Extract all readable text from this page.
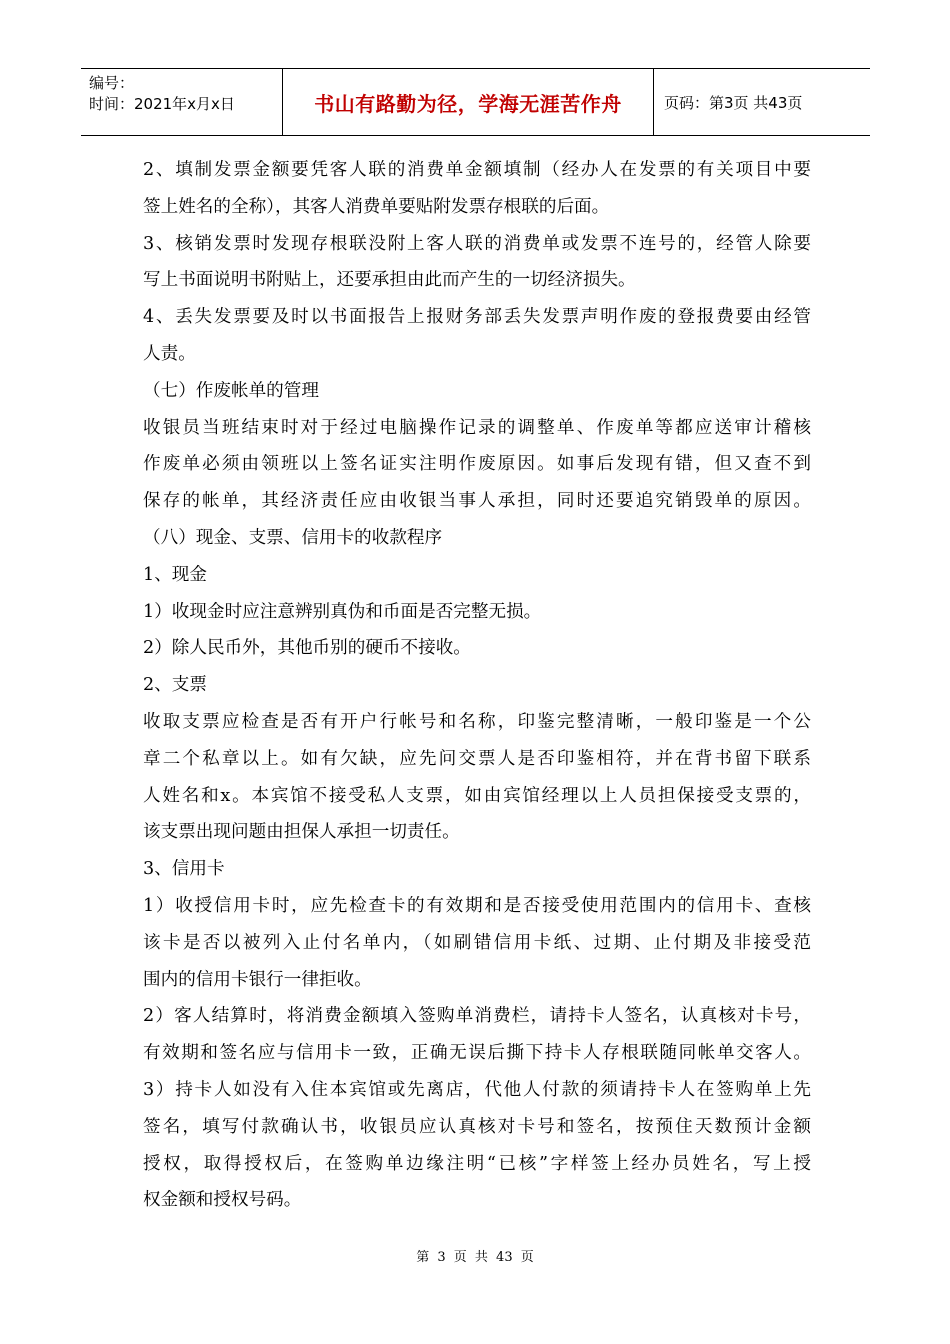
编号：
时间：2021年x月x日	书山有路勤为径，学海无涯苦作舟	页码：第3页 共43页
2、填制发票金额要凭客人联的消费单金额填制（经办人在发票的有关项目中要
签上姓名的全称），其客人消费单要贴附发票存根联的后面。
3、核销发票时发现存根联没附上客人联的消费单或发票不连号的，经管人除要
写上书面说明书附贴上，还要承担由此而产生的一切经济损失。
4、丢失发票要及时以书面报告上报财务部丢失发票声明作废的登报费要由经管
人责。
（七）作废帐单的管理
收银员当班结束时对于经过电脑操作记录的调整单、作废单等都应送审计稽核
作废单必须由领班以上签名证实注明作废原因。如事后发现有错，但又查不到
保存的帐单，其经济责任应由收银当事人承担，同时还要追究销毁单的原因。
（八）现金、支票、信用卡的收款程序
1、现金
1）收现金时应注意辨别真伪和币面是否完整无损。
2）除人民币外，其他币别的硬币不接收。
2、支票
收取支票应检查是否有开户行帐号和名称，印鉴完整清晰，一般印鉴是一个公
章二个私章以上。如有欠缺，应先问交票人是否印鉴相符，并在背书留下联系
人姓名和x。本宾馆不接受私人支票，如由宾馆经理以上人员担保接受支票的，
该支票出现问题由担保人承担一切责任。
3、信用卡
1）收授信用卡时，应先检查卡的有效期和是否接受使用范围内的信用卡、查核
该卡是否以被列入止付名单内，（如刷错信用卡纸、过期、止付期及非接受范
围内的信用卡银行一律拒收。
2）客人结算时，将消费金额填入签购单消费栏，请持卡人签名，认真核对卡号，
有效期和签名应与信用卡一致，正确无误后撕下持卡人存根联随同帐单交客人。
3）持卡人如没有入住本宾馆或先离店，代他人付款的须请持卡人在签购单上先
签名，填写付款确认书，收银员应认真核对卡号和签名，按预住天数预计金额
授权，取得授权后，在签购单边缘注明“已核”字样签上经办员姓名，写上授
权金额和授权号码。
第 3 页 共 43 页
